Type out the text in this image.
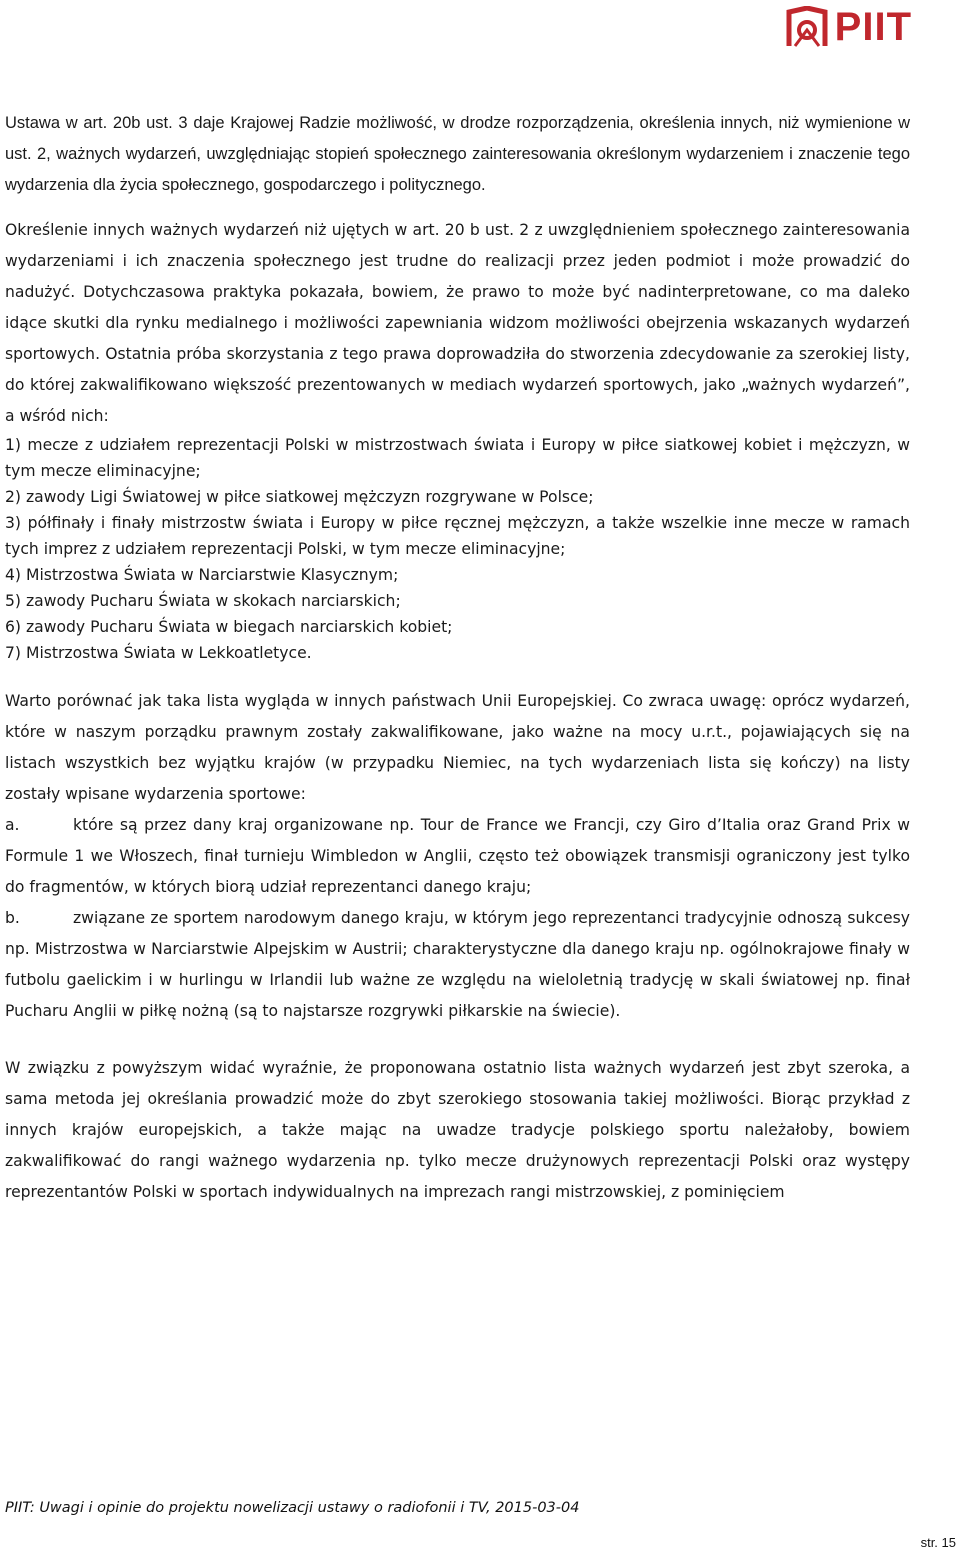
PIIT

Ustawa w art. 20b ust. 3 daje Krajowej Radzie możliwość, w drodze rozporządzenia, określenia innych, niż wymienione w ust. 2, ważnych wydarzeń, uwzględniając stopień społecznego zainteresowania określonym wydarzeniem i znaczenie tego wydarzenia dla życia społecznego, gospodarczego i politycznego.

Określenie innych ważnych wydarzeń niż ujętych w art. 20 b ust. 2 z uwzględnieniem społecznego zainteresowania wydarzeniami i ich znaczenia społecznego jest trudne do realizacji przez jeden podmiot i może prowadzić do nadużyć. Dotychczasowa praktyka pokazała, bowiem, że prawo to może być nadinterpretowane, co ma daleko idące skutki dla rynku medialnego i możliwości zapewniania widzom możliwości obejrzenia wskazanych wydarzeń sportowych. Ostatnia próba skorzystania z tego prawa doprowadziła do stworzenia zdecydowanie za szerokiej listy, do której zakwalifikowano większość prezentowanych w mediach wydarzeń sportowych, jako „ważnych wydarzeń”, a wśród nich:

1) mecze z udziałem reprezentacji Polski w mistrzostwach świata i Europy w piłce siatkowej kobiet i mężczyzn, w tym mecze eliminacyjne;
2) zawody Ligi Światowej w piłce siatkowej mężczyzn rozgrywane w Polsce;
3) półfinały i finały mistrzostw świata i Europy w piłce ręcznej mężczyzn, a także wszelkie inne mecze w ramach tych imprez z udziałem reprezentacji Polski, w tym mecze eliminacyjne;
4) Mistrzostwa Świata w Narciarstwie Klasycznym;
5) zawody Pucharu Świata w skokach narciarskich;
6) zawody Pucharu Świata w biegach narciarskich kobiet;
7) Mistrzostwa Świata w Lekkoatletyce.

Warto porównać jak taka lista wygląda w innych państwach Unii Europejskiej. Co zwraca uwagę: oprócz wydarzeń, które w naszym porządku prawnym zostały zakwalifikowane, jako ważne na mocy u.r.t., pojawiających się na listach wszystkich bez wyjątku krajów (w przypadku Niemiec, na tych wydarzeniach lista się kończy) na listy zostały wpisane wydarzenia sportowe:

a.	które są przez dany kraj organizowane np. Tour de France we Francji, czy Giro d’Italia oraz Grand Prix w Formule 1 we Włoszech, finał turnieju Wimbledon w Anglii, często też obowiązek transmisji ograniczony jest tylko do fragmentów, w których biorą udział reprezentanci danego kraju;
b.	związane ze sportem narodowym danego kraju, w którym jego reprezentanci tradycyjnie odnoszą sukcesy np. Mistrzostwa w Narciarstwie Alpejskim w Austrii; charakterystyczne dla danego kraju np. ogólnokrajowe finały w futbolu gaelickim i w hurlingu w Irlandii lub ważne ze względu na wieloletnią tradycję w skali światowej np. finał Pucharu Anglii w piłkę nożną (są to najstarsze rozgrywki piłkarskie na świecie).

W związku z powyższym widać wyraźnie, że proponowana ostatnio lista ważnych wydarzeń jest zbyt szeroka, a sama metoda jej określania prowadzić może do zbyt szerokiego stosowania takiej możliwości. Biorąc przykład z innych krajów europejskich, a także mając na uwadze tradycje polskiego sportu należałoby, bowiem zakwalifikować do rangi ważnego wydarzenia np. tylko mecze drużynowych reprezentacji Polski oraz występy reprezentantów Polski w sportach indywidualnych na imprezach rangi mistrzowskiej, z pominięciem

PIIT: Uwagi i opinie do projektu nowelizacji ustawy o radiofonii i TV, 2015-03-04
str. 15
